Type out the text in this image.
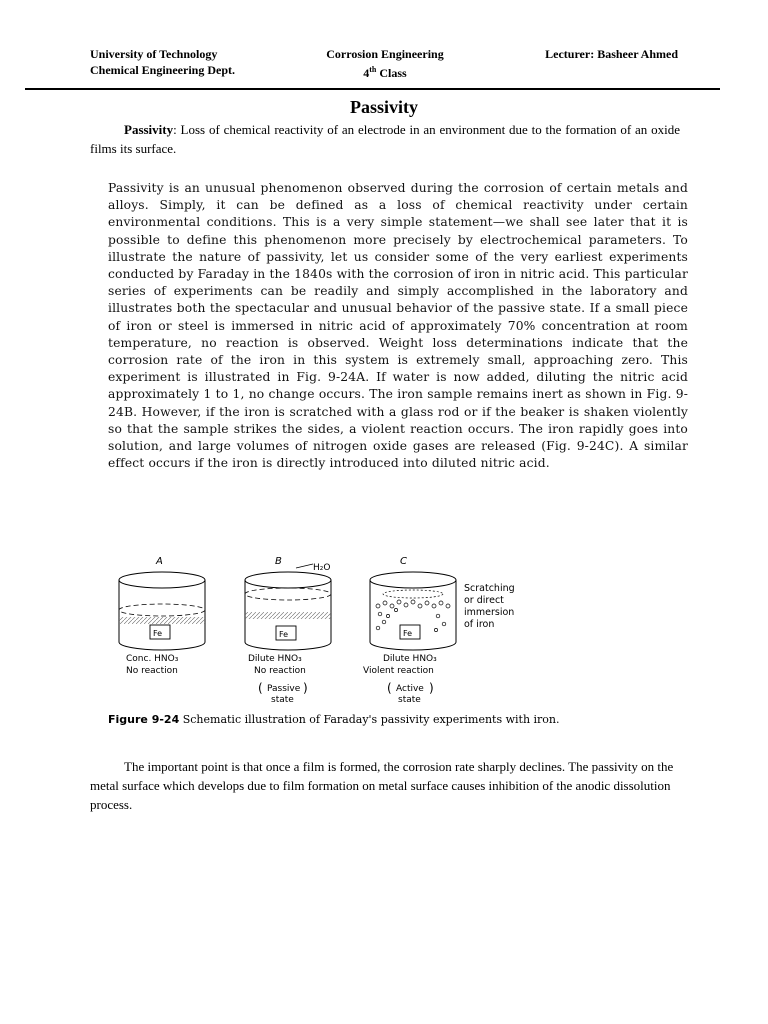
University of Technology
Chemical Engineering Dept.
Corrosion Engineering
4th Class
Lecturer: Basheer Ahmed
Passivity
Passivity: Loss of chemical reactivity of an electrode in an environment due to the formation of an oxide films its surface.
Passivity is an unusual phenomenon observed during the corrosion of certain metals and alloys. Simply, it can be defined as a loss of chemical reactivity under certain environmental conditions. This is a very simple statement—we shall see later that it is possible to define this phenomenon more precisely by electrochemical parameters. To illustrate the nature of passivity, let us consider some of the very earliest experiments conducted by Faraday in the 1840s with the corrosion of iron in nitric acid. This particular series of experiments can be readily and simply accomplished in the laboratory and illustrates both the spectacular and unusual behavior of the passive state. If a small piece of iron or steel is immersed in nitric acid of approximately 70% concentration at room temperature, no reaction is observed. Weight loss determinations indicate that the corrosion rate of the iron in this system is extremely small, approaching zero. This experiment is illustrated in Fig. 9-24A. If water is now added, diluting the nitric acid approximately 1 to 1, no change occurs. The iron sample remains inert as shown in Fig. 9-24B. However, if the iron is scratched with a glass rod or if the beaker is shaken violently so that the sample strikes the sides, a violent reaction occurs. The iron rapidly goes into solution, and large volumes of nitrogen oxide gases are released (Fig. 9-24C). A similar effect occurs if the iron is directly introduced into diluted nitric acid.
A
Fe
Conc. HNO₃
No reaction
B
H₂O
Fe
Dilute HNO₃
No reaction
( Passive
state
)
C
Fe
Dilute HNO₃
Violent reaction
( Active
state
)
Scratching
or direct
immersion
of iron
Figure 9-24 Schematic illustration of Faraday's passivity experiments with iron.
The important point is that once a film is formed, the corrosion rate sharply declines. The passivity on the metal surface which develops due to film formation on metal surface causes inhibition of the anodic dissolution process.
